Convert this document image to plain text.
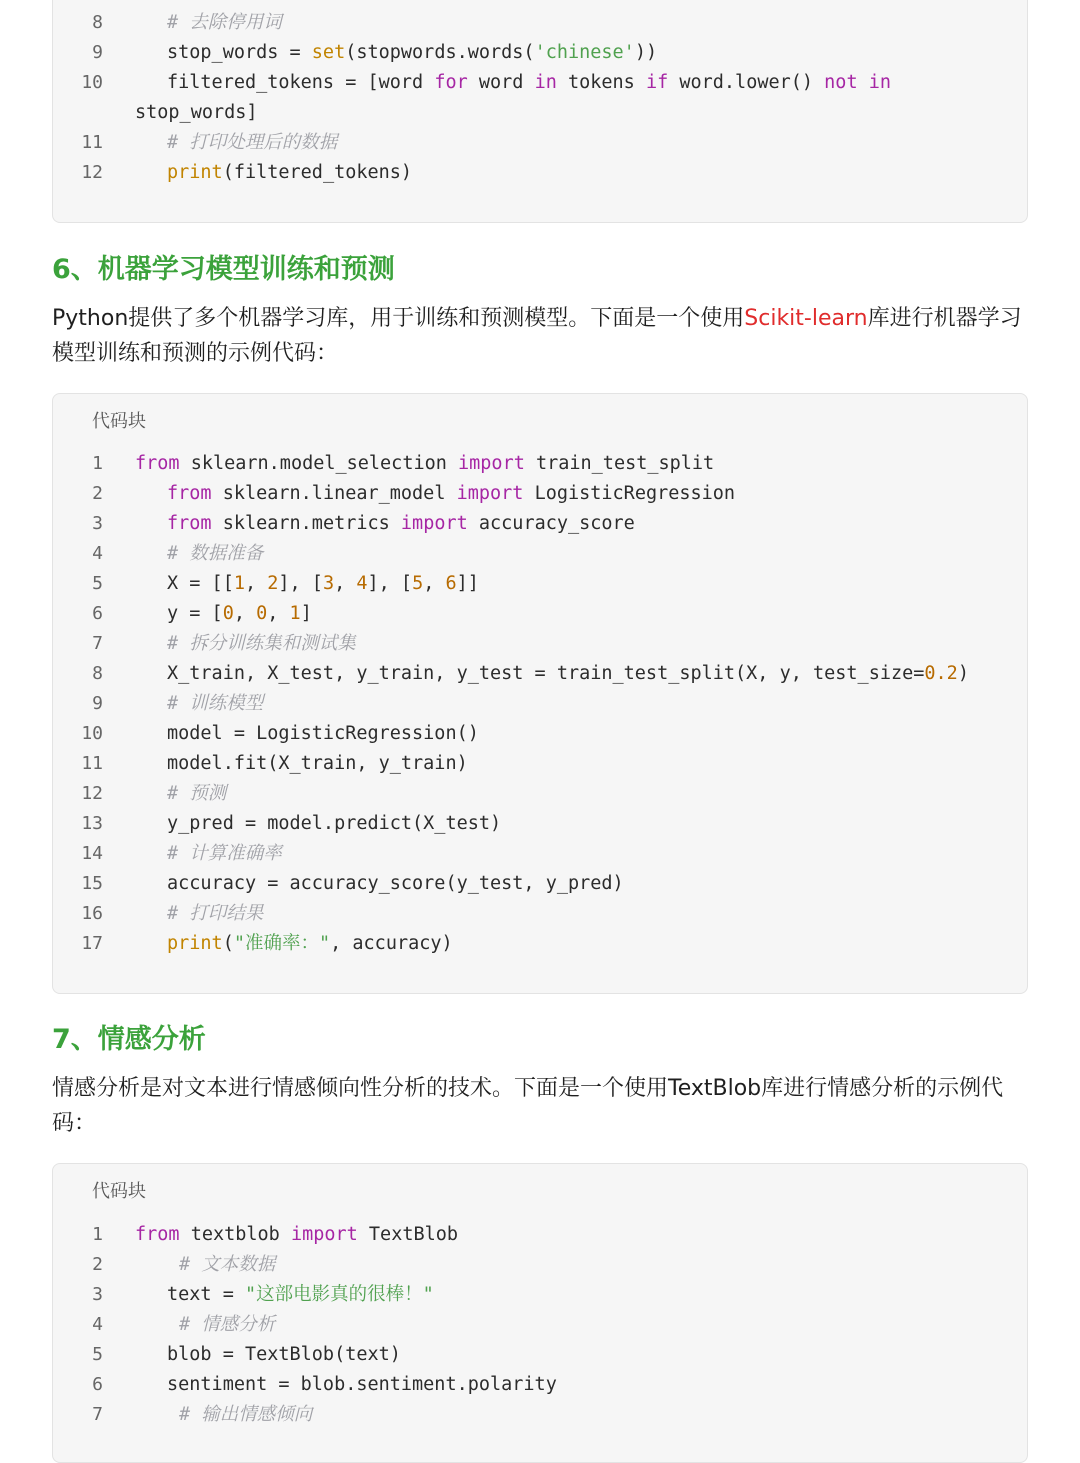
8	# 去除停用词
9	stop_words = set(stopwords.words('chinese'))
10	filtered_tokens = [word for word in tokens if word.lower() not in
stop_words]
11	# 打印处理后的数据
12	print(filtered_tokens)
6、机器学习模型训练和预测
Python提供了多个机器学习库，用于训练和预测模型。下面是一个使用Scikit-learn库进行机器学习模型训练和预测的示例代码：
代码块
1 from sklearn.model_selection import train_test_split
2	from sklearn.linear_model import LogisticRegression
3	from sklearn.metrics import accuracy_score
4	# 数据准备
5	X = [[1, 2], [3, 4], [5, 6]]
6	y = [0, 0, 1]
7	# 拆分训练集和测试集
8	X_train, X_test, y_train, y_test = train_test_split(X, y, test_size=0.2)
9	# 训练模型
10	model = LogisticRegression()
11	model.fit(X_train, y_train)
12	# 预测
13	y_pred = model.predict(X_test)
14	# 计算准确率
15	accuracy = accuracy_score(y_test, y_pred)
16	# 打印结果
17	print("准确率：", accuracy)
7、情感分析
情感分析是对文本进行情感倾向性分析的技术。下面是一个使用TextBlob库进行情感分析的示例代码：
代码块
1 from textblob import TextBlob
2	# 文本数据
3	text = "这部电影真的很棒！"
4	# 情感分析
5	blob = TextBlob(text)
6	sentiment = blob.sentiment.polarity
7	# 输出情感倾向
